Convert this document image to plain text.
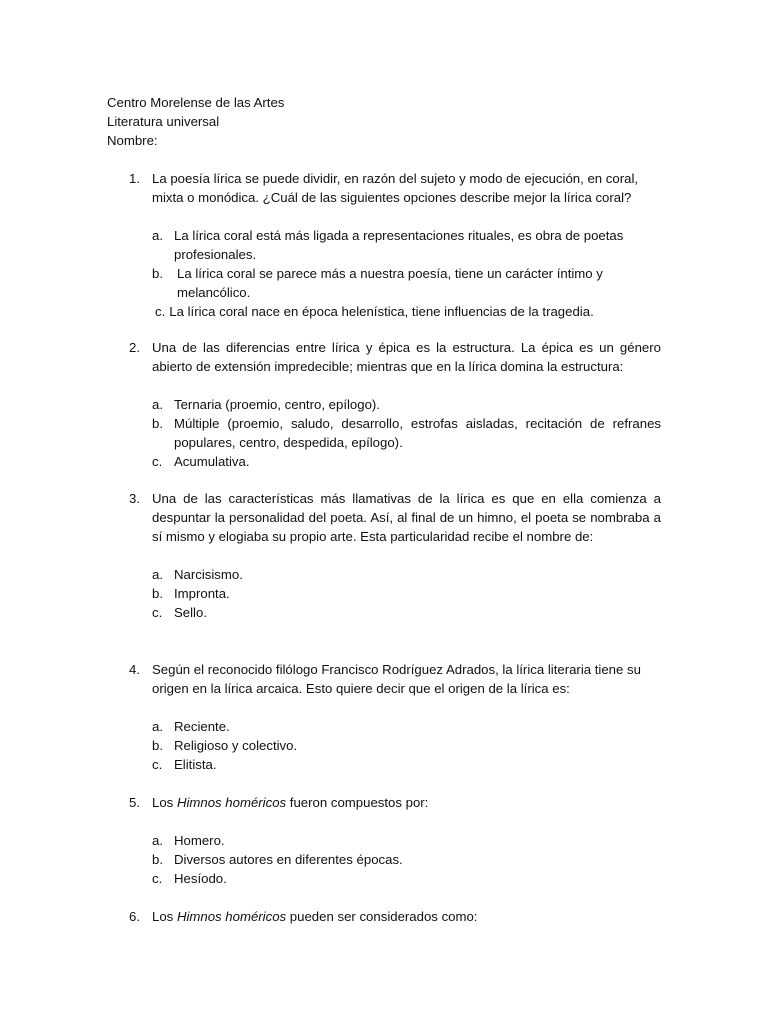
Centro Morelense de las Artes
Literatura universal
Nombre:
1. La poesía lírica se puede dividir, en razón del sujeto y modo de ejecución, en coral, mixta o monódica. ¿Cuál de las siguientes opciones describe mejor la lírica coral?
a. La lírica coral está más ligada a representaciones rituales, es obra de poetas profesionales.
b.	La lírica coral se parece más a nuestra poesía, tiene un carácter íntimo y melancólico.
c. La lírica coral nace en época helenística, tiene influencias de la tragedia.
2. Una de las diferencias entre lírica y épica es la estructura. La épica es un género abierto de extensión impredecible; mientras que en la lírica domina la estructura:
a. Ternaria (proemio, centro, epílogo).
b. Múltiple (proemio, saludo, desarrollo, estrofas aisladas, recitación de refranes populares, centro, despedida, epílogo).
c. Acumulativa.
3. Una de las características más llamativas de la lírica es que en ella comienza a despuntar la personalidad del poeta. Así, al final de un himno, el poeta se nombraba a sí mismo y elogiaba su propio arte. Esta particularidad recibe el nombre de:
a. Narcisismo.
b. Impronta.
c. Sello.
4. Según el reconocido filólogo Francisco Rodríguez Adrados, la lírica literaria tiene su origen en la lírica arcaica. Esto quiere decir que el origen de la lírica es:
a. Reciente.
b. Religioso y colectivo.
c. Elitista.
5. Los Himnos homéricos fueron compuestos por:
a. Homero.
b. Diversos autores en diferentes épocas.
c. Hesíodo.
6. Los Himnos homéricos pueden ser considerados como:
